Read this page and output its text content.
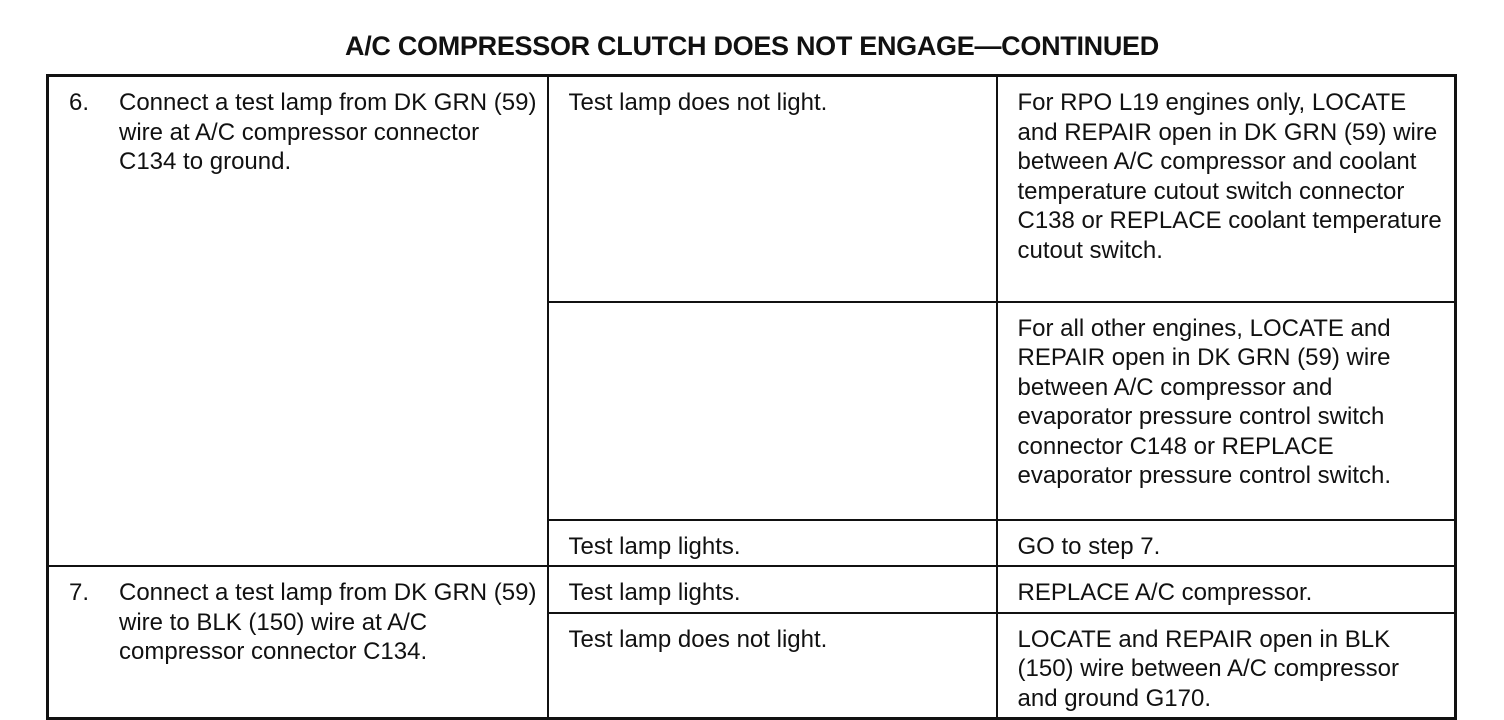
A/C COMPRESSOR CLUTCH DOES NOT ENGAGE—CONTINUED
6. Connect a test lamp from DK GRN (59) wire at A/C compressor connector C134 to ground.	Test lamp does not light.	For RPO L19 engines only, LOCATE and REPAIR open in DK GRN (59) wire between A/C compressor and coolant temperature cutout switch connector C138 or REPLACE coolant temperature cutout switch.
		For all other engines, LOCATE and REPAIR open in DK GRN (59) wire between A/C compressor and evaporator pressure control switch connector C148 or REPLACE evaporator pressure control switch.
	Test lamp lights.	GO to step 7.

7. Connect a test lamp from DK GRN (59) wire to BLK (150) wire at A/C compressor connector C134.	Test lamp lights.	REPLACE A/C compressor.
	Test lamp does not light.	LOCATE and REPAIR open in BLK (150) wire between A/C compressor and ground G170.
